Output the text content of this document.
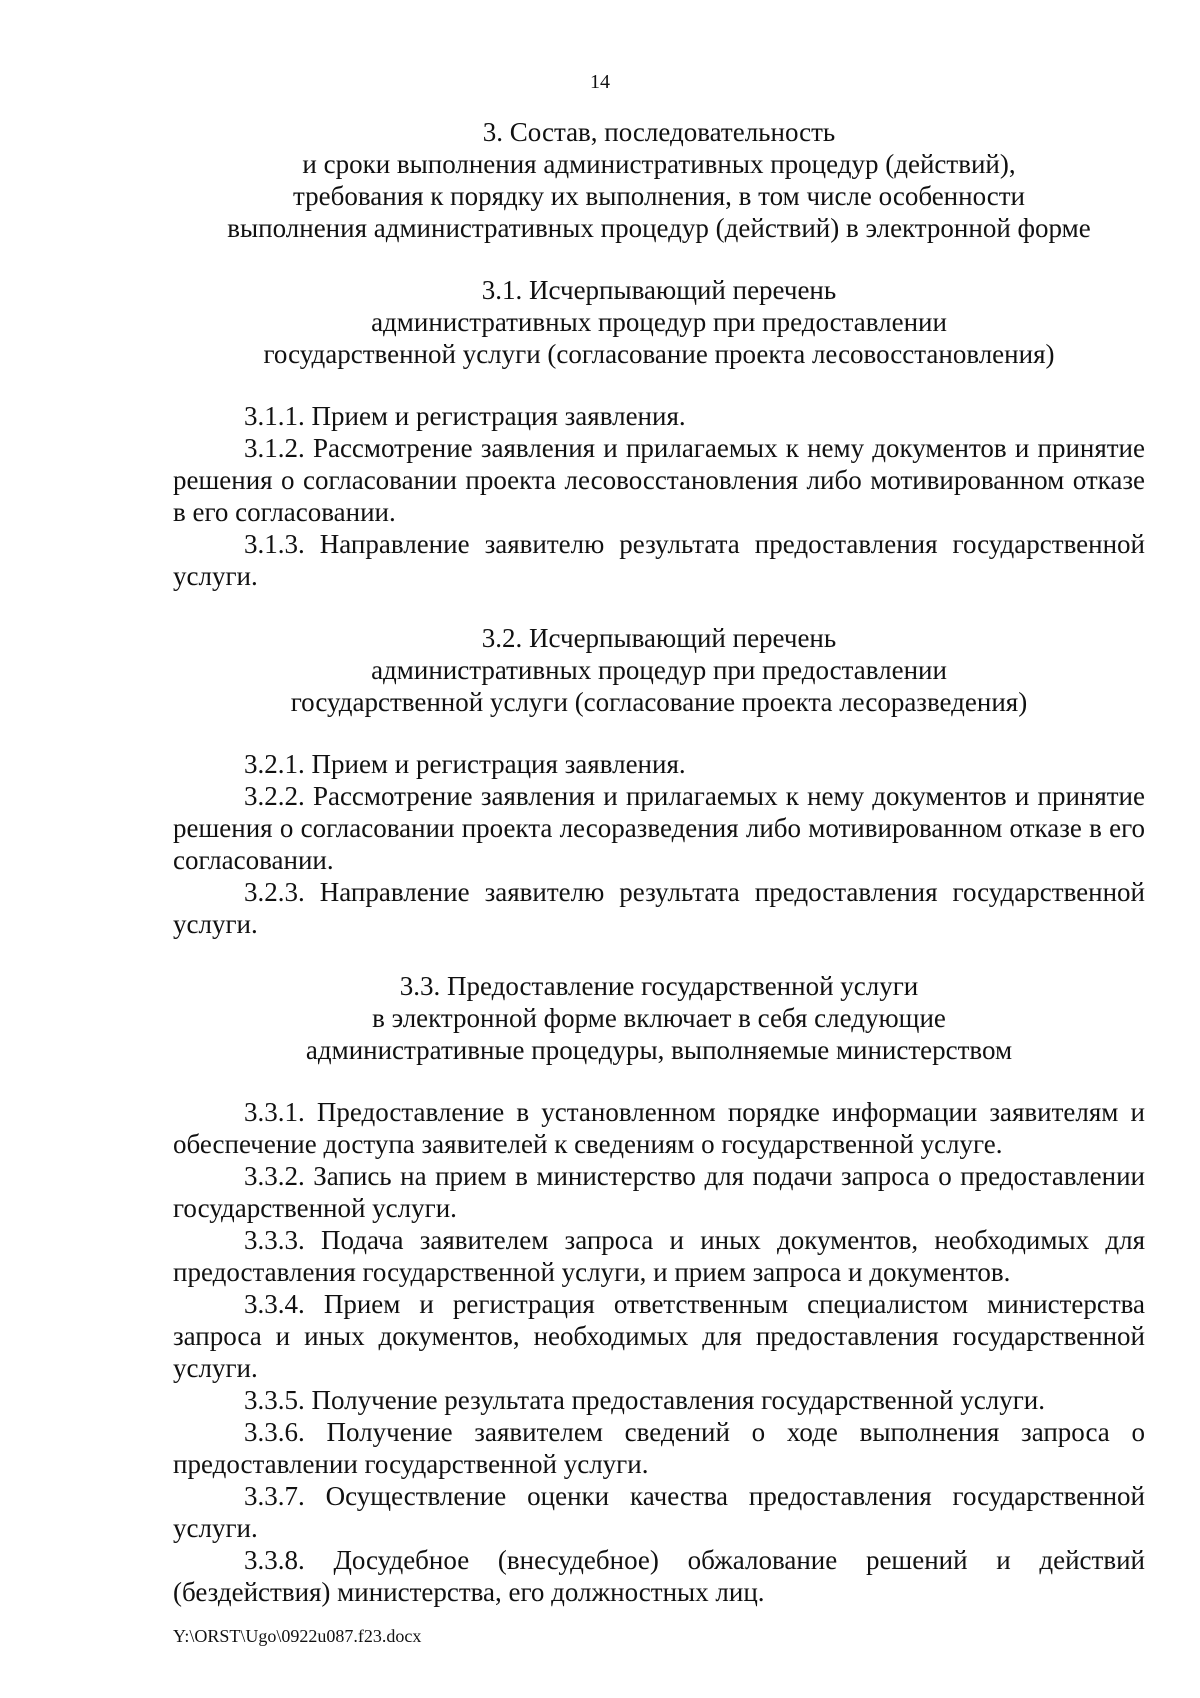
14
3. Состав, последовательность
и сроки выполнения административных процедур (действий),
требования к порядку их выполнения, в том числе особенности
выполнения административных процедур (действий) в электронной форме
3.1. Исчерпывающий перечень
административных процедур при предоставлении
государственной услуги (согласование проекта лесовосстановления)
3.1.1. Прием и регистрация заявления.
3.1.2. Рассмотрение заявления и прилагаемых к нему документов и принятие решения о согласовании проекта лесовосстановления либо мотивированном отказе в его согласовании.
3.1.3. Направление заявителю результата предоставления государственной услуги.
3.2. Исчерпывающий перечень
административных процедур при предоставлении
государственной услуги (согласование проекта лесоразведения)
3.2.1. Прием и регистрация заявления.
3.2.2. Рассмотрение заявления и прилагаемых к нему документов и принятие решения о согласовании проекта лесоразведения либо мотивированном отказе в его согласовании.
3.2.3. Направление заявителю результата предоставления государственной услуги.
3.3. Предоставление государственной услуги
в электронной форме включает в себя следующие
административные процедуры, выполняемые министерством
3.3.1. Предоставление в установленном порядке информации заявителям и обеспечение доступа заявителей к сведениям о государственной услуге.
3.3.2. Запись на прием в министерство для подачи запроса о предоставлении государственной услуги.
3.3.3. Подача заявителем запроса и иных документов, необходимых для предоставления государственной услуги, и прием запроса и документов.
3.3.4. Прием и регистрация ответственным специалистом министерства запроса и иных документов, необходимых для предоставления государственной услуги.
3.3.5. Получение результата предоставления государственной услуги.
3.3.6. Получение заявителем сведений о ходе выполнения запроса о предоставлении государственной услуги.
3.3.7. Осуществление оценки качества предоставления государственной услуги.
3.3.8. Досудебное (внесудебное) обжалование решений и действий (бездействия) министерства, его должностных лиц.
Y:\ORST\Ugo\0922u087.f23.docx
